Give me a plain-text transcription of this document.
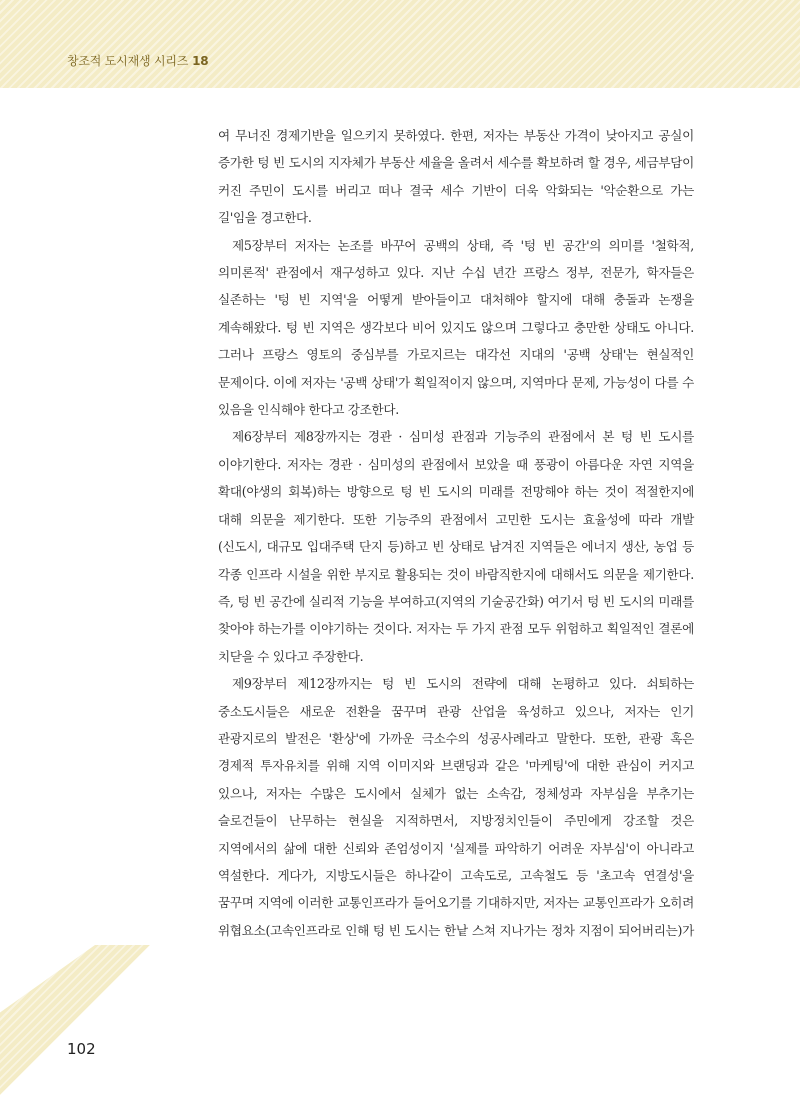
창조적 도시재생 시리즈 18

여 무너진 경제기반을 일으키지 못하였다. 한편, 저자는 부동산 가격이 낮아지고 공실이 증가한 텅 빈 도시의 지자체가 부동산 세율을 올려서 세수를 확보하려 할 경우, 세금부담이 커진 주민이 도시를 버리고 떠나 결국 세수 기반이 더욱 악화되는 '악순환으로 가는 길'임을 경고한다.

제5장부터 저자는 논조를 바꾸어 공백의 상태, 즉 '텅 빈 공간'의 의미를 '철학적, 의미론적' 관점에서 재구성하고 있다. 지난 수십 년간 프랑스 정부, 전문가, 학자들은 실존하는 '텅 빈 지역'을 어떻게 받아들이고 대처해야 할지에 대해 충돌과 논쟁을 계속해왔다. 텅 빈 지역은 생각보다 비어 있지도 않으며 그렇다고 충만한 상태도 아니다. 그러나 프랑스 영토의 중심부를 가로지르는 대각선 지대의 '공백 상태'는 현실적인 문제이다. 이에 저자는 '공백 상태'가 획일적이지 않으며, 지역마다 문제, 가능성이 다를 수 있음을 인식해야 한다고 강조한다.

제6장부터 제8장까지는 경관 · 심미성 관점과 기능주의 관점에서 본 텅 빈 도시를 이야기한다. 저자는 경관 · 심미성의 관점에서 보았을 때 풍광이 아름다운 자연 지역을 확대(야생의 회복)하는 방향으로 텅 빈 도시의 미래를 전망해야 하는 것이 적절한지에 대해 의문을 제기한다. 또한 기능주의 관점에서 고민한 도시는 효율성에 따라 개발(신도시, 대규모 입대주택 단지 등)하고 빈 상태로 남겨진 지역들은 에너지 생산, 농업 등 각종 인프라 시설을 위한 부지로 활용되는 것이 바람직한지에 대해서도 의문을 제기한다. 즉, 텅 빈 공간에 실리적 기능을 부여하고(지역의 기술공간화) 여기서 텅 빈 도시의 미래를 찾아야 하는가를 이야기하는 것이다. 저자는 두 가지 관점 모두 위험하고 획일적인 결론에 치닫을 수 있다고 주장한다.

제9장부터 제12장까지는 텅 빈 도시의 전략에 대해 논평하고 있다. 쇠퇴하는 중소도시들은 새로운 전환을 꿈꾸며 관광 산업을 육성하고 있으나, 저자는 인기 관광지로의 발전은 '환상'에 가까운 극소수의 성공사례라고 말한다. 또한, 관광 혹은 경제적 투자유치를 위해 지역 이미지와 브랜딩과 같은 '마케팅'에 대한 관심이 커지고 있으나, 저자는 수많은 도시에서 실체가 없는 소속감, 정체성과 자부심을 부추기는 슬로건들이 난무하는 현실을 지적하면서, 지방정치인들이 주민에게 강조할 것은 지역에서의 삶에 대한 신뢰와 존엄성이지 '실제를 파악하기 어려운 자부심'이 아니라고 역설한다. 게다가, 지방도시들은 하나같이 고속도로, 고속철도 등 '초고속 연결성'을 꿈꾸며 지역에 이러한 교통인프라가 들어오기를 기대하지만, 저자는 교통인프라가 오히려 위협요소(고속인프라로 인해 텅 빈 도시는 한낱 스쳐 지나가는 정차 지점이 되어버리는)가

102
